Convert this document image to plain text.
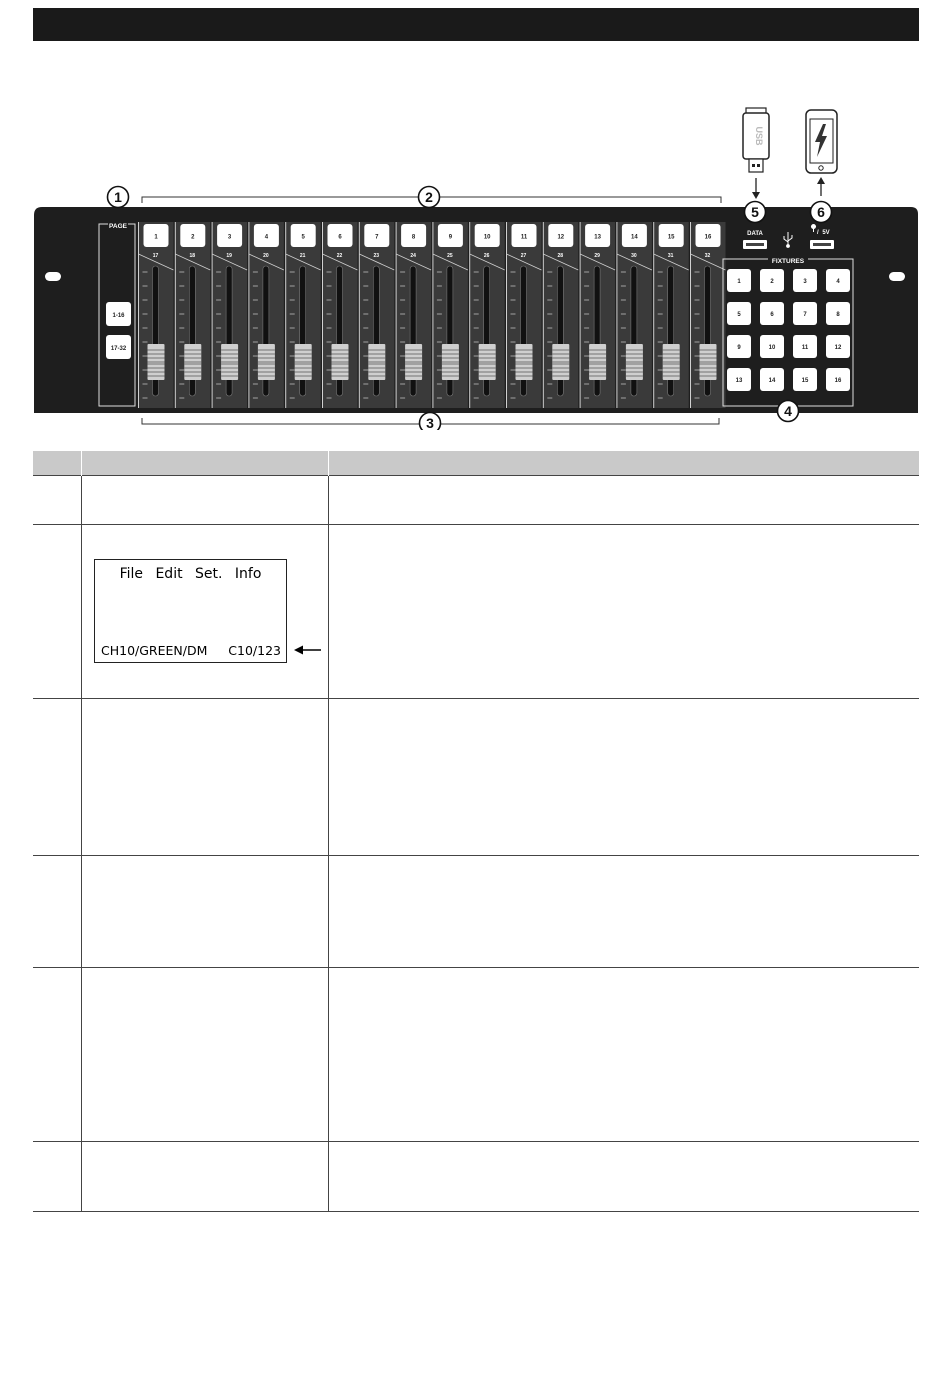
USB
PAGE
1-16
17-32
1
17
2
18
3
19
4
20
5
21
6
22
7
23
8
24
9
25
10
26
11
27
12
28
13
29
14
30
15
31
16
32
FIXTURES
1	2	3	4
5	6	7	8
9	10	11	12
13	14	15	16
DATA	5V
/
1	2
3
4
5	6

	File Edit Set. Info
CH10/GREEN/DM C10/123	
